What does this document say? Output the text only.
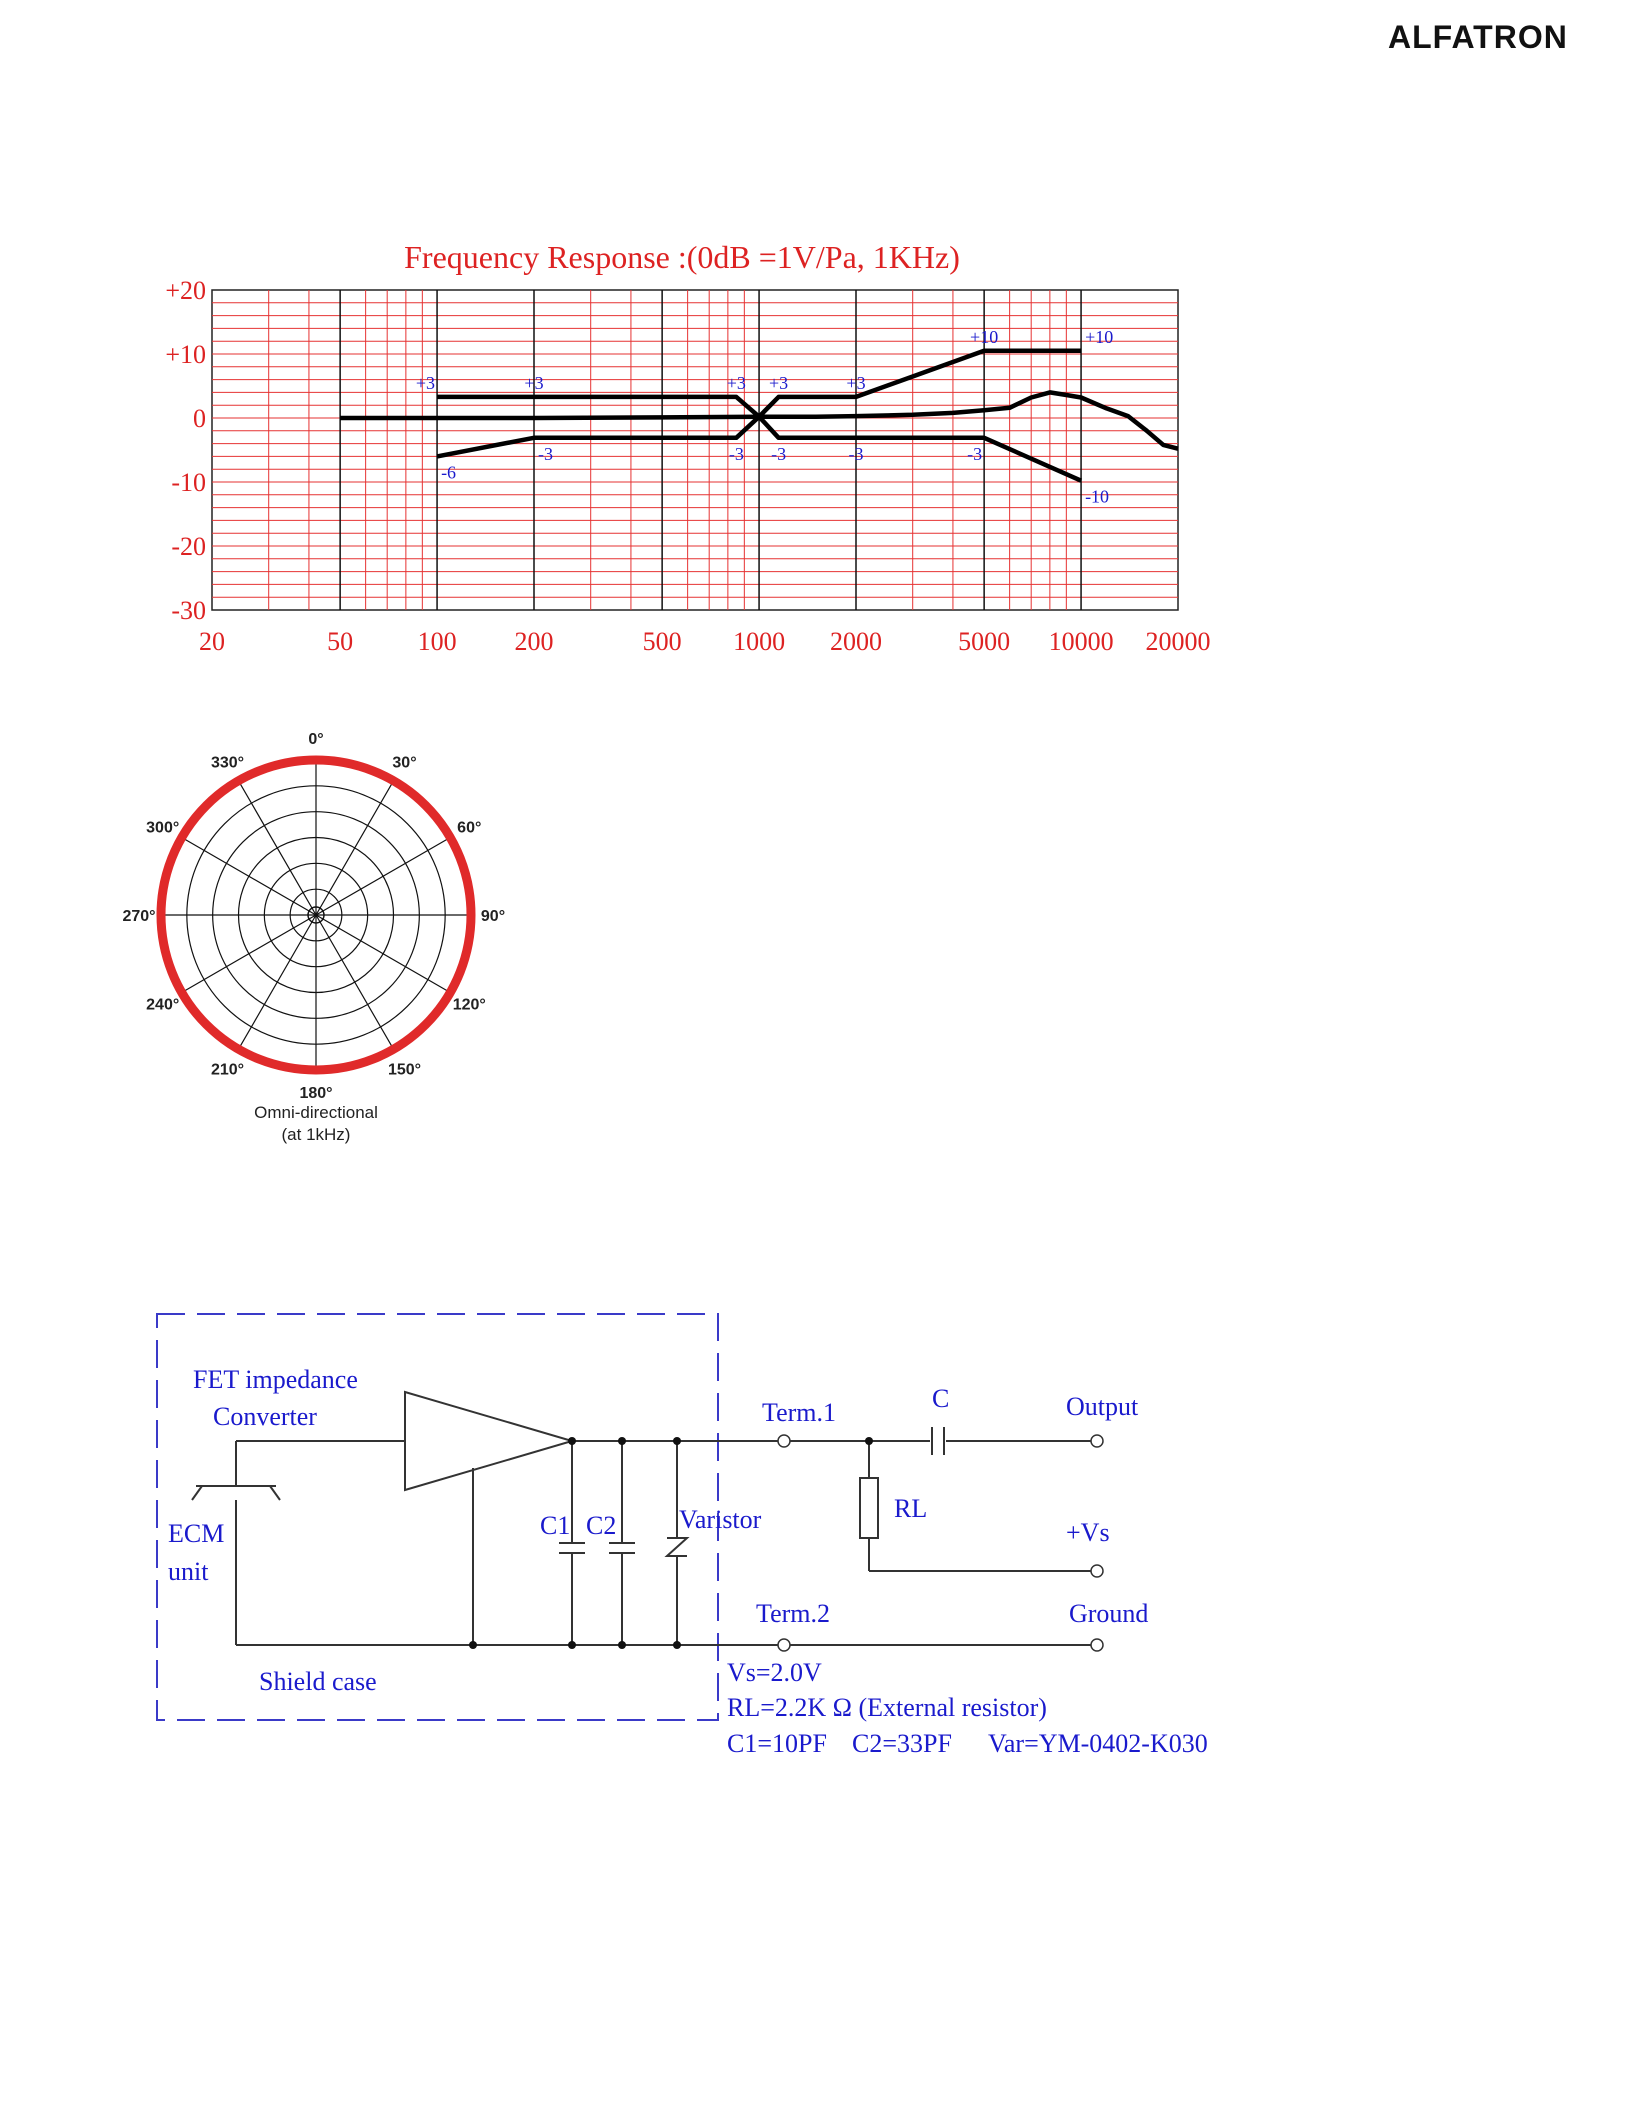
ALFATRON
Frequency Response :(0dB =1V/Pa, 1KHz)
20	50 100 200	500 1000 2000	5000 10000 20000
+20
+10
0
-10
-20
-30
+3	+3	+3 +3	+3
+10	+10
-6
-3	-3 -3	-3	-3
-10
0°
30°
60°
90°
120°
150°
180°
210°
240°
270°
300°
330°
Omni-directional
(at 1kHz)
FET impedance
Converter
ECM
unit
Shield case
C1 C2 Varistor
Term.1
Term.2
C
RL
Output
+Vs
Ground
Vs=2.0V
RL=2.2K Ω (External resistor)
C1=10PF C2=33PF Var=YM-0402-K030
